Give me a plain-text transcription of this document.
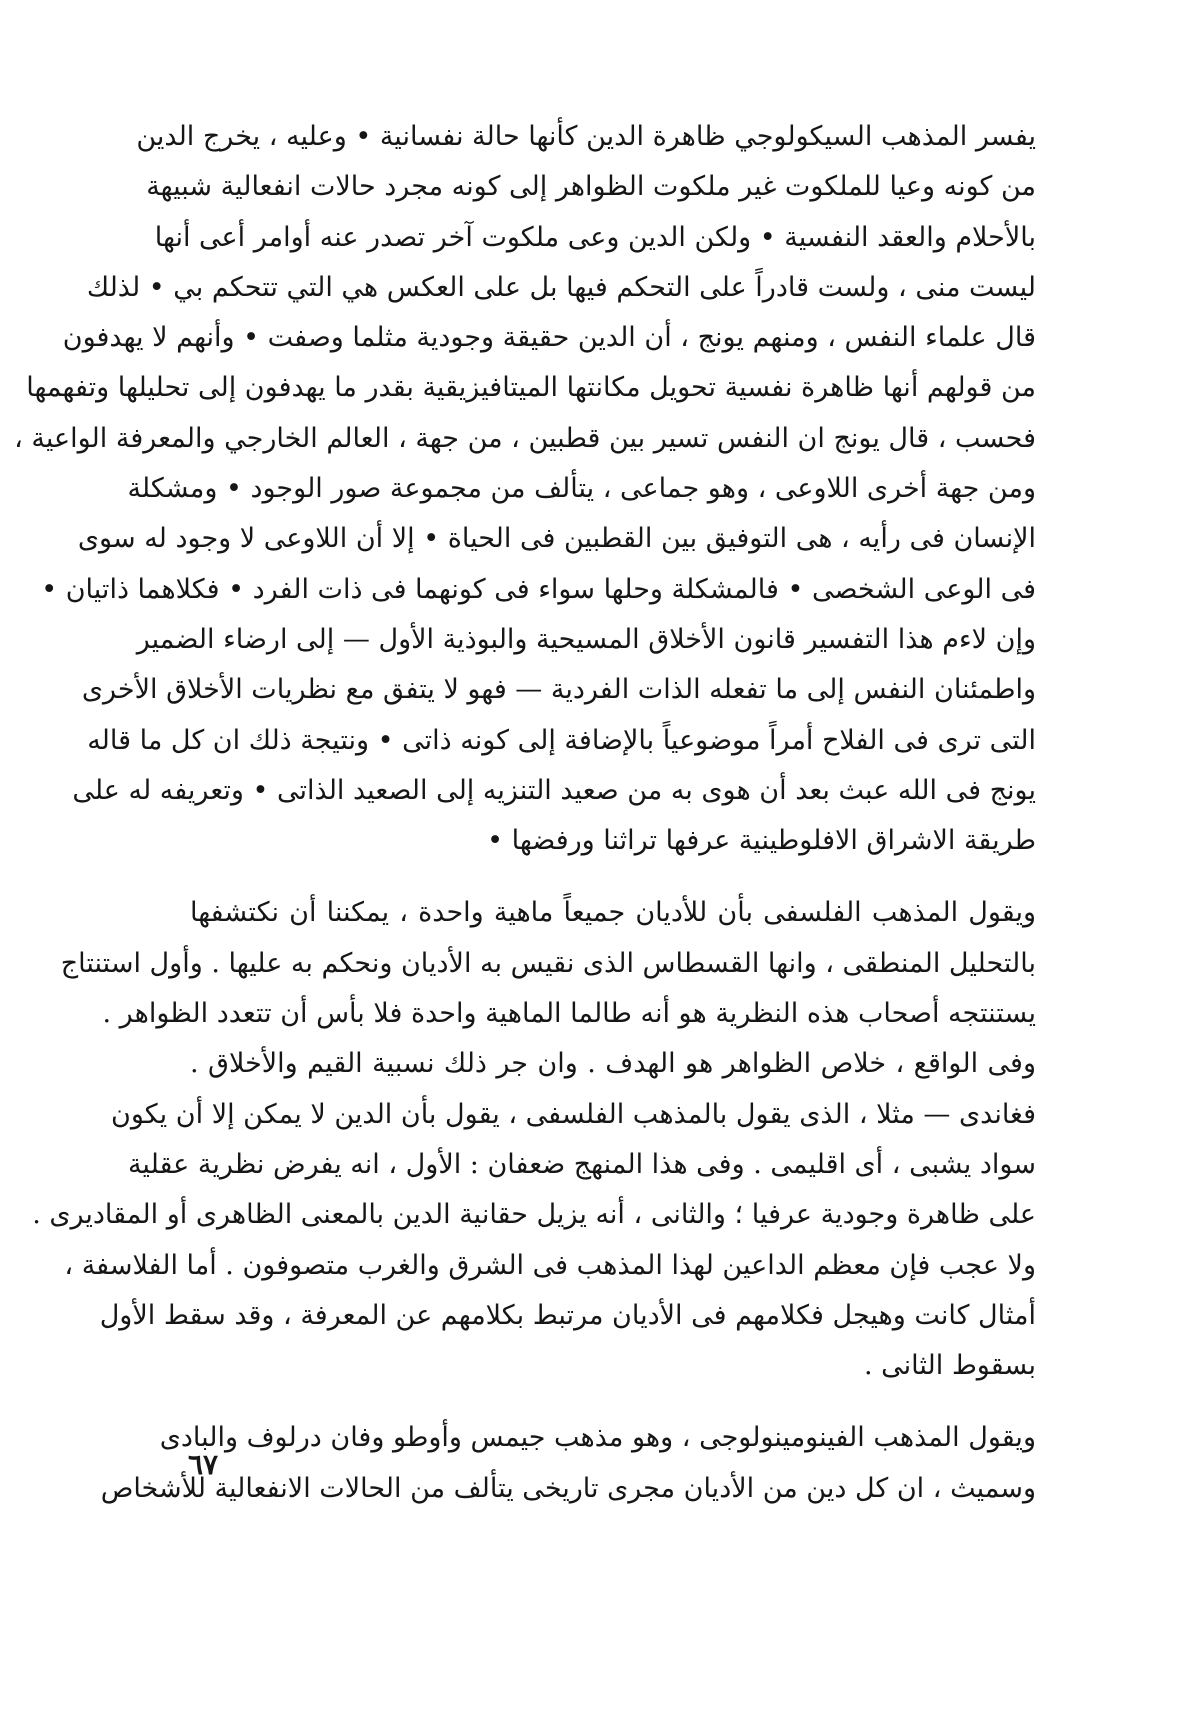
يفسر المذهب السيكولوجي ظاهرة الدين كأنها حالة نفسانية • وعليه ، يخرج الدين
من كونه وعيا للملكوت غير ملكوت الظواهر إلى كونه مجرد حالات انفعالية شبيهة
بالأحلام والعقد النفسية • ولكن الدين وعى ملكوت آخر تصدر عنه أوامر أعى أنها
ليست منى ، ولست قادراً على التحكم فيها بل على العكس هي التي تتحكم بي • لذلك
قال علماء النفس ، ومنهم يونج ، أن الدين حقيقة وجودية مثلما وصفت • وأنهم لا يهدفون
من قولهم أنها ظاهرة نفسية تحويل مكانتها الميتافيزيقية بقدر ما يهدفون إلى تحليلها وتفهمها
فحسب ، قال يونج ان النفس تسير بين قطبين ، من جهة ، العالم الخارجي والمعرفة الواعية ،
ومن جهة أخرى اللاوعى ، وهو جماعى ، يتألف من مجموعة صور الوجود • ومشكلة
الإنسان فى رأيه ، هى التوفيق بين القطبين فى الحياة • إلا أن اللاوعى لا وجود له سوى
فى الوعى الشخصى • فالمشكلة وحلها سواء فى كونهما فى ذات الفرد • فكلاهما ذاتيان •
وإن لاءم هذا التفسير قانون الأخلاق المسيحية والبوذية الأول — إلى ارضاء الضمير
واطمئنان النفس إلى ما تفعله الذات الفردية — فهو لا يتفق مع نظريات الأخلاق الأخرى
التى ترى فى الفلاح أمراً موضوعياً بالإضافة إلى كونه ذاتى • ونتيجة ذلك ان كل ما قاله
يونج فى الله عبث بعد أن هوى به من صعيد التنزيه إلى الصعيد الذاتى • وتعريفه له على
طريقة الاشراق الافلوطينية عرفها تراثنا ورفضها •
ويقول المذهب الفلسفى بأن للأديان جميعاً ماهية واحدة ، يمكننا أن نكتشفها
بالتحليل المنطقى ، وانها القسطاس الذى نقيس به الأديان ونحكم به عليها . وأول استنتاج
يستنتجه أصحاب هذه النظرية هو أنه طالما الماهية واحدة فلا بأس أن تتعدد الظواهر .
وفى الواقع ، خلاص الظواهر هو الهدف . وان جر ذلك نسبية القيم والأخلاق .
فغاندى — مثلا ، الذى يقول بالمذهب الفلسفى ، يقول بأن الدين لا يمكن إلا أن يكون
سواد يشبى ، أى اقليمى . وفى هذا المنهج ضعفان : الأول ، انه يفرض نظرية عقلية
على ظاهرة وجودية عرفيا ؛ والثانى ، أنه يزيل حقانية الدين بالمعنى الظاهرى أو المقاديرى .
ولا عجب فإن معظم الداعين لهذا المذهب فى الشرق والغرب متصوفون . أما الفلاسفة ،
أمثال كانت وهيجل فكلامهم فى الأديان مرتبط بكلامهم عن المعرفة ، وقد سقط الأول
بسقوط الثانى .
ويقول المذهب الفينومينولوجى ، وهو مذهب جيمس وأوطو وفان درلوف والبادى
وسميث ، ان كل دين من الأديان مجرى تاريخى يتألف من الحالات الانفعالية للأشخاص
٦٧
